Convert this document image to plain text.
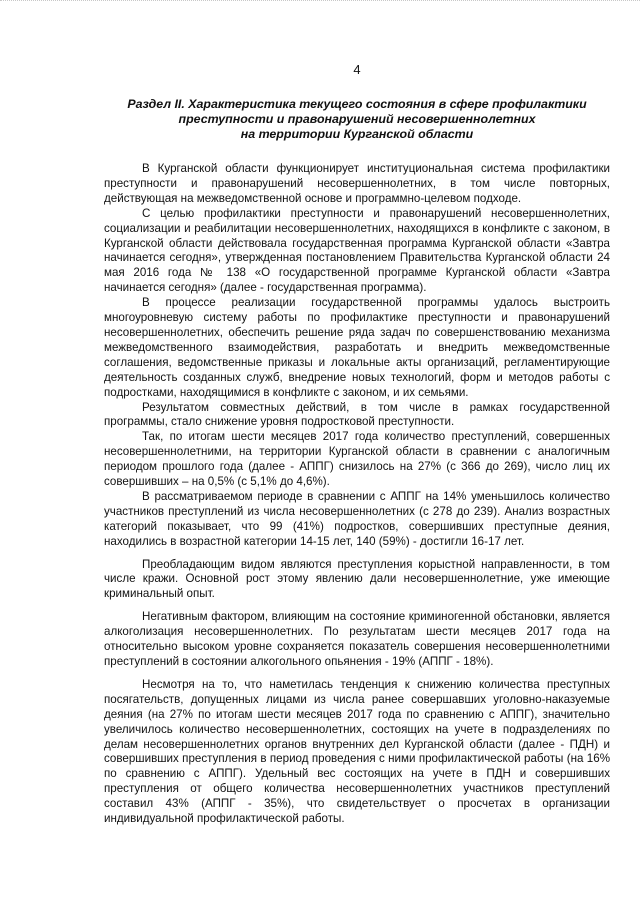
4
Раздел II. Характеристика текущего состояния в сфере профилактики
преступности и правонарушений несовершеннолетних
на территории Курганской области

В Курганской области функционирует институциональная система профилактики преступности и правонарушений несовершеннолетних, в том числе повторных, действующая на межведомственной основе и программно-целевом подходе.

С целью профилактики преступности и правонарушений несовершеннолетних, социализации и реабилитации несовершеннолетних, находящихся в конфликте с законом, в Курганской области действовала государственная программа Курганской области «Завтра начинается сегодня», утвержденная постановлением Правительства Курганской области 24 мая 2016 года № 138 «О государственной программе Курганской области «Завтра начинается сегодня» (далее - государственная программа).

В процессе реализации государственной программы удалось выстроить многоуровневую систему работы по профилактике преступности и правонарушений несовершеннолетних, обеспечить решение ряда задач по совершенствованию механизма межведомственного взаимодействия, разработать и внедрить межведомственные соглашения, ведомственные приказы и локальные акты организаций, регламентирующие деятельность созданных служб, внедрение новых технологий, форм и методов работы с подростками, находящимися в конфликте с законом, и их семьями.

Результатом совместных действий, в том числе в рамках государственной программы, стало снижение уровня подростковой преступности.

Так, по итогам шести месяцев 2017 года количество преступлений, совершенных несовершеннолетними, на территории Курганской области в сравнении с аналогичным периодом прошлого года (далее - АППГ) снизилось на 27% (с 366 до 269), число лиц их совершивших – на 0,5% (с 5,1% до 4,6%).

В рассматриваемом периоде в сравнении с АППГ на 14% уменьшилось количество участников преступлений из числа несовершеннолетних (с 278 до 239). Анализ возрастных категорий показывает, что 99 (41%) подростков, совершивших преступные деяния, находились в возрастной категории 14-15 лет, 140 (59%) - достигли 16-17 лет.

Преобладающим видом являются преступления корыстной направленности, в том числе кражи. Основной рост этому явлению дали несовершеннолетние, уже имеющие криминальный опыт.

Негативным фактором, влияющим на состояние криминогенной обстановки, является алкоголизация несовершеннолетних. По результатам шести месяцев 2017 года на относительно высоком уровне сохраняется показатель совершения несовершеннолетними преступлений в состоянии алкогольного опьянения - 19% (АППГ - 18%).

Несмотря на то, что наметилась тенденция к снижению количества преступных посягательств, допущенных лицами из числа ранее совершавших уголовно-наказуемые деяния (на 27% по итогам шести месяцев 2017 года по сравнению с АППГ), значительно увеличилось количество несовершеннолетних, состоящих на учете в подразделениях по делам несовершеннолетних органов внутренних дел Курганской области (далее - ПДН) и совершивших преступления в период проведения с ними профилактической работы (на 16% по сравнению с АППГ). Удельный вес состоящих на учете в ПДН и совершивших преступления от общего количества несовершеннолетних участников преступлений составил 43% (АППГ - 35%), что свидетельствует о просчетах в организации индивидуальной профилактической работы.
